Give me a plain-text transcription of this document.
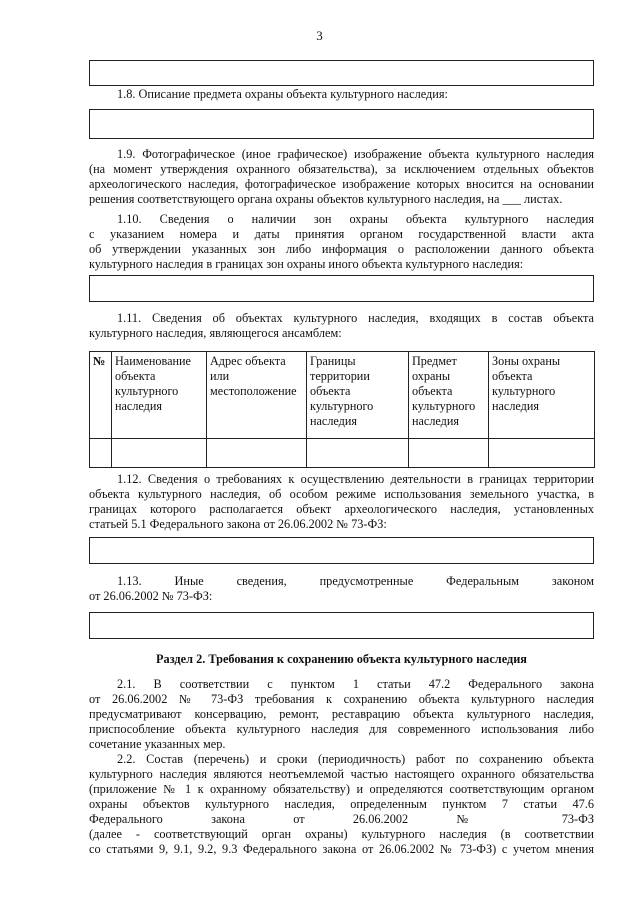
3

1.8. Описание предмета охраны объекта культурного наследия:

1.9. Фотографическое (иное графическое) изображение объекта культурного наследия
(на момент утверждения охранного обязательства), за исключением отдельных объектов
археологического наследия, фотографическое изображение которых вносится на основании
решения соответствующего органа охраны объектов культурного наследия, на ___ листах.

1.10. Сведения о наличии зон охраны объекта культурного наследия
с указанием номера и даты принятия органом государственной власти акта
об утверждении указанных зон либо информация о расположении данного объекта
культурного наследия в границах зон охраны иного объекта культурного наследия:

1.11. Сведения об объектах культурного наследия, входящих в состав объекта
культурного наследия, являющегося ансамблем:

№	Наименование объекта культурного наследия	Адрес объекта или местоположение	Границы территории объекта культурного наследия	Предмет охраны объекта культурного наследия	Зоны охраны объекта культурного наследия

1.12. Сведения о требованиях к осуществлению деятельности в границах территории
объекта культурного наследия, об особом режиме использования земельного участка, в
границах которого располагается объект археологического наследия, установленных
статьей 5.1 Федерального закона от 26.06.2002 № 73-ФЗ:

1.13. Иные сведения, предусмотренные Федеральным законом
от 26.06.2002 № 73-ФЗ:

Раздел 2. Требования к сохранению объекта культурного наследия

2.1. В соответствии с пунктом 1 статьи 47.2 Федерального закона
от 26.06.2002 № 73-ФЗ требования к сохранению объекта культурного наследия
предусматривают консервацию, ремонт, реставрацию объекта культурного наследия,
приспособление объекта культурного наследия для современного использования либо
сочетание указанных мер.

2.2. Состав (перечень) и сроки (периодичность) работ по сохранению объекта
культурного наследия являются неотъемлемой частью настоящего охранного обязательства
(приложение № 1 к охранному обязательству) и определяются соответствующим органом
охраны объектов культурного наследия, определенным пунктом 7 статьи 47.6
Федерального закона от 26.06.2002 № 73-ФЗ
(далее - соответствующий орган охраны) культурного наследия (в соответствии
со статьями 9, 9.1, 9.2, 9.3 Федерального закона от 26.06.2002 № 73-ФЗ) с учетом мнения
